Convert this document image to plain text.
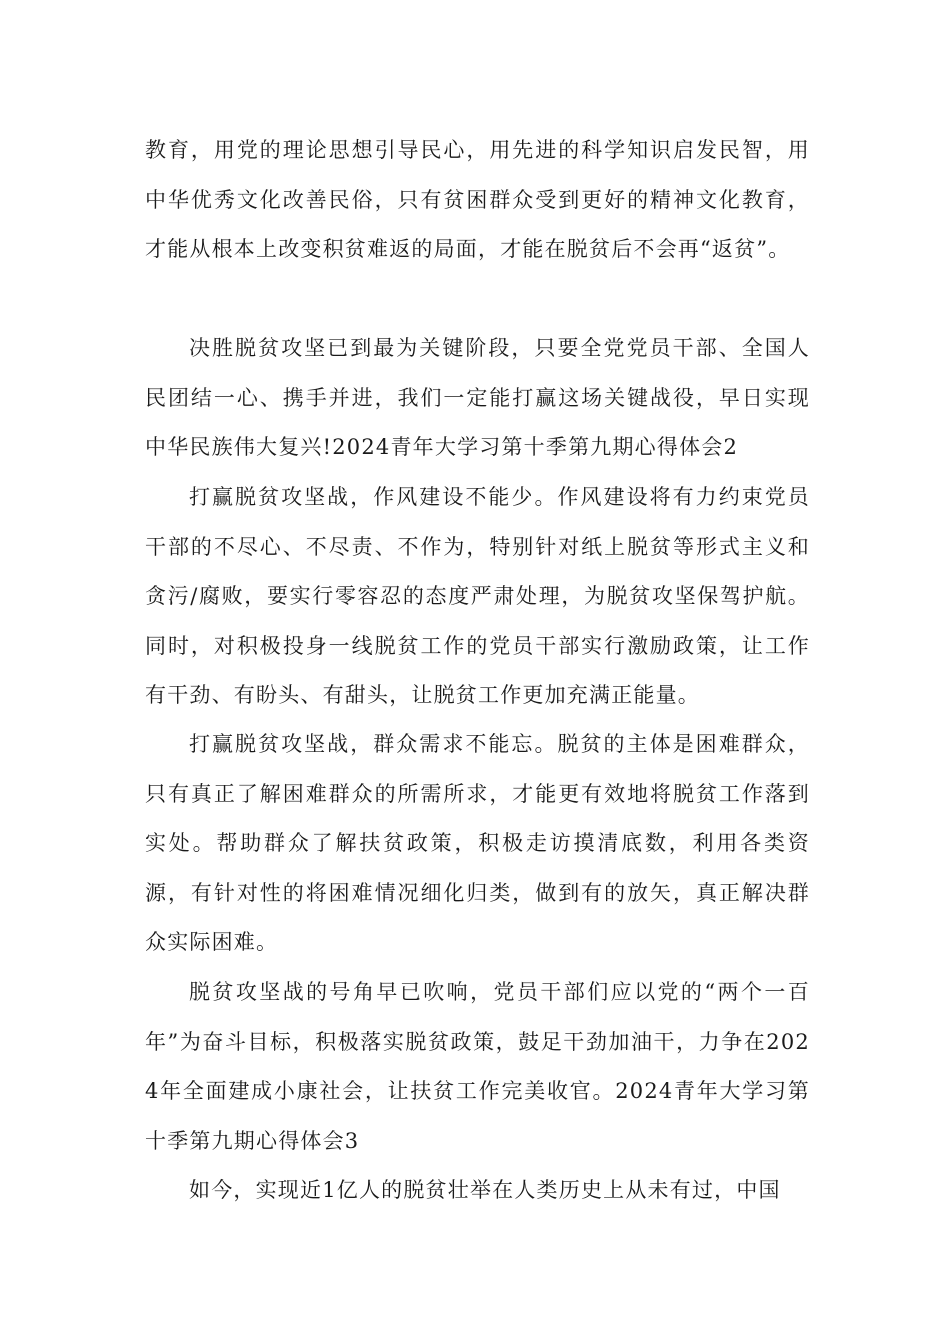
教育，用党的理论思想引导民心，用先进的科学知识启发民智，用中华优秀文化改善民俗，只有贫困群众受到更好的精神文化教育，才能从根本上改变积贫难返的局面，才能在脱贫后不会再“返贫”。

决胜脱贫攻坚已到最为关键阶段，只要全党党员干部、全国人民团结一心、携手并进，我们一定能打赢这场关键战役，早日实现中华民族伟大复兴!2024青年大学习第十季第九期心得体会2

打赢脱贫攻坚战，作风建设不能少。作风建设将有力约束党员干部的不尽心、不尽责、不作为，特别针对纸上脱贫等形式主义和贪污/腐败，要实行零容忍的态度严肃处理，为脱贫攻坚保驾护航。同时，对积极投身一线脱贫工作的党员干部实行激励政策，让工作有干劲、有盼头、有甜头，让脱贫工作更加充满正能量。

打赢脱贫攻坚战，群众需求不能忘。脱贫的主体是困难群众，只有真正了解困难群众的所需所求，才能更有效地将脱贫工作落到实处。帮助群众了解扶贫政策，积极走访摸清底数，利用各类资源，有针对性的将困难情况细化归类，做到有的放矢，真正解决群众实际困难。

脱贫攻坚战的号角早已吹响，党员干部们应以党的“两个一百年”为奋斗目标，积极落实脱贫政策，鼓足干劲加油干，力争在2024年全面建成小康社会，让扶贫工作完美收官。2024青年大学习第十季第九期心得体会3

如今，实现近1亿人的脱贫壮举在人类历史上从未有过，中国
